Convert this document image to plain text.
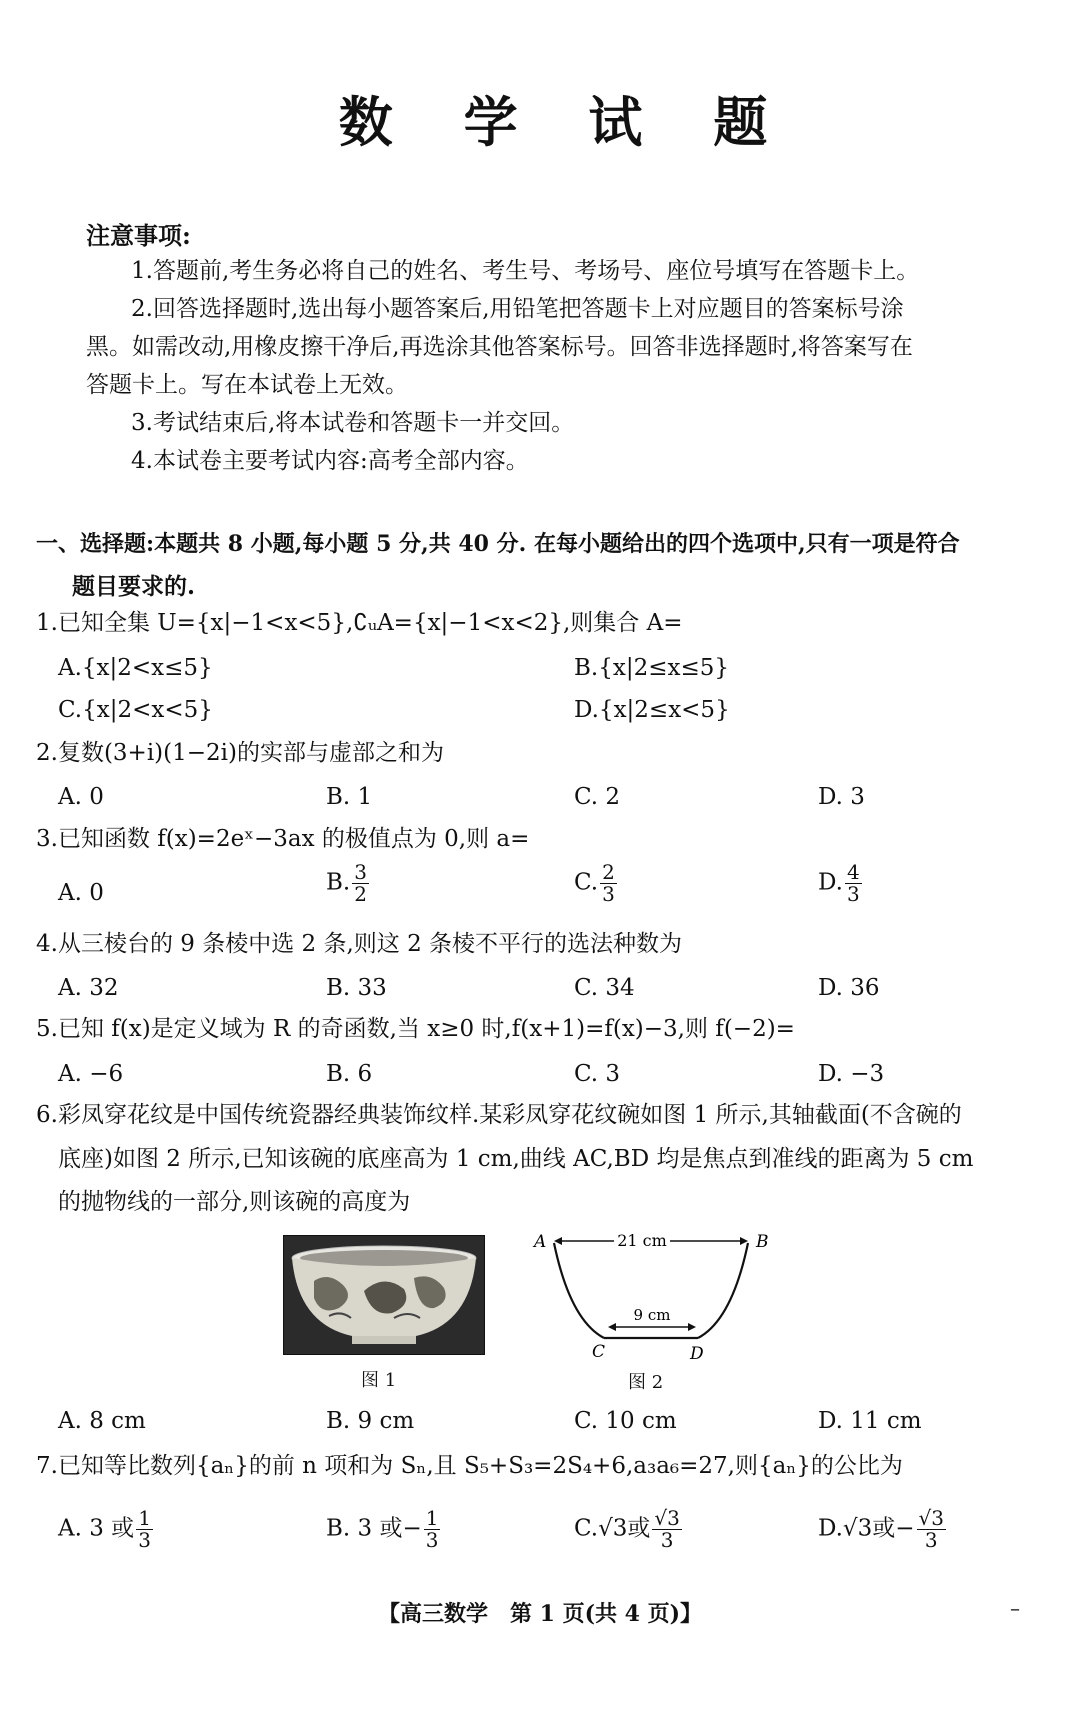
数 学 试 题
注意事项:
1.答题前,考生务必将自己的姓名、考生号、考场号、座位号填写在答题卡上。
2.回答选择题时,选出每小题答案后,用铅笔把答题卡上对应题目的答案标号涂
黑。如需改动,用橡皮擦干净后,再选涂其他答案标号。回答非选择题时,将答案写在
答题卡上。写在本试卷上无效。
3.考试结束后,将本试卷和答题卡一并交回。
4.本试卷主要考试内容:高考全部内容。
一、选择题:本题共 8 小题,每小题 5 分,共 40 分. 在每小题给出的四个选项中,只有一项是符合
题目要求的.
1.已知全集 U={x|−1<x<5},∁ᵤA={x|−1<x<2},则集合 A=
A.{x|2<x≤5}	B.{x|2≤x≤5}
C.{x|2<x<5}	D.{x|2≤x<5}
2.复数(3+i)(1−2i)的实部与虚部之和为
A. 0	B. 1	C. 2	D. 3
3.已知函数 f(x)=2eˣ−3ax 的极值点为 0,则 a=
A. 0	B. $\frac{3}{2}$	C. $\frac{2}{3}$	D. $\frac{4}{3}$
4.从三棱台的 9 条棱中选 2 条,则这 2 条棱不平行的选法种数为
A. 32	B. 33	C. 34	D. 36
5.已知 f(x)是定义域为 R 的奇函数,当 x≥0 时,f(x+1)=f(x)−3,则 f(−2)=
A. −6	B. 6	C. 3	D. −3
6.彩凤穿花纹是中国传统瓷器经典装饰纹样.某彩凤穿花纹碗如图 1 所示,其轴截面(不含碗的
底座)如图 2 所示,已知该碗的底座高为 1 cm,曲线 AC,BD 均是焦点到准线的距离为 5 cm
的抛物线的一部分,则该碗的高度为
图 1
21 cm
9 cm
A	B
C	D
图 2
A. 8 cm	B. 9 cm	C. 10 cm	D. 11 cm
7.已知等比数列{aₙ}的前 n 项和为 Sₙ,且 S₅+S₃=2S₄+6,a₃a₆=27,则{aₙ}的公比为
A. 3 或 $\frac{1}{3}$	B. 3 或− $\frac{1}{3}$	C.√3或 $\frac{√3}{3}$	D.√3或− $\frac{√3}{3}$
【高三数学　第 1 页(共 4 页)】	–
